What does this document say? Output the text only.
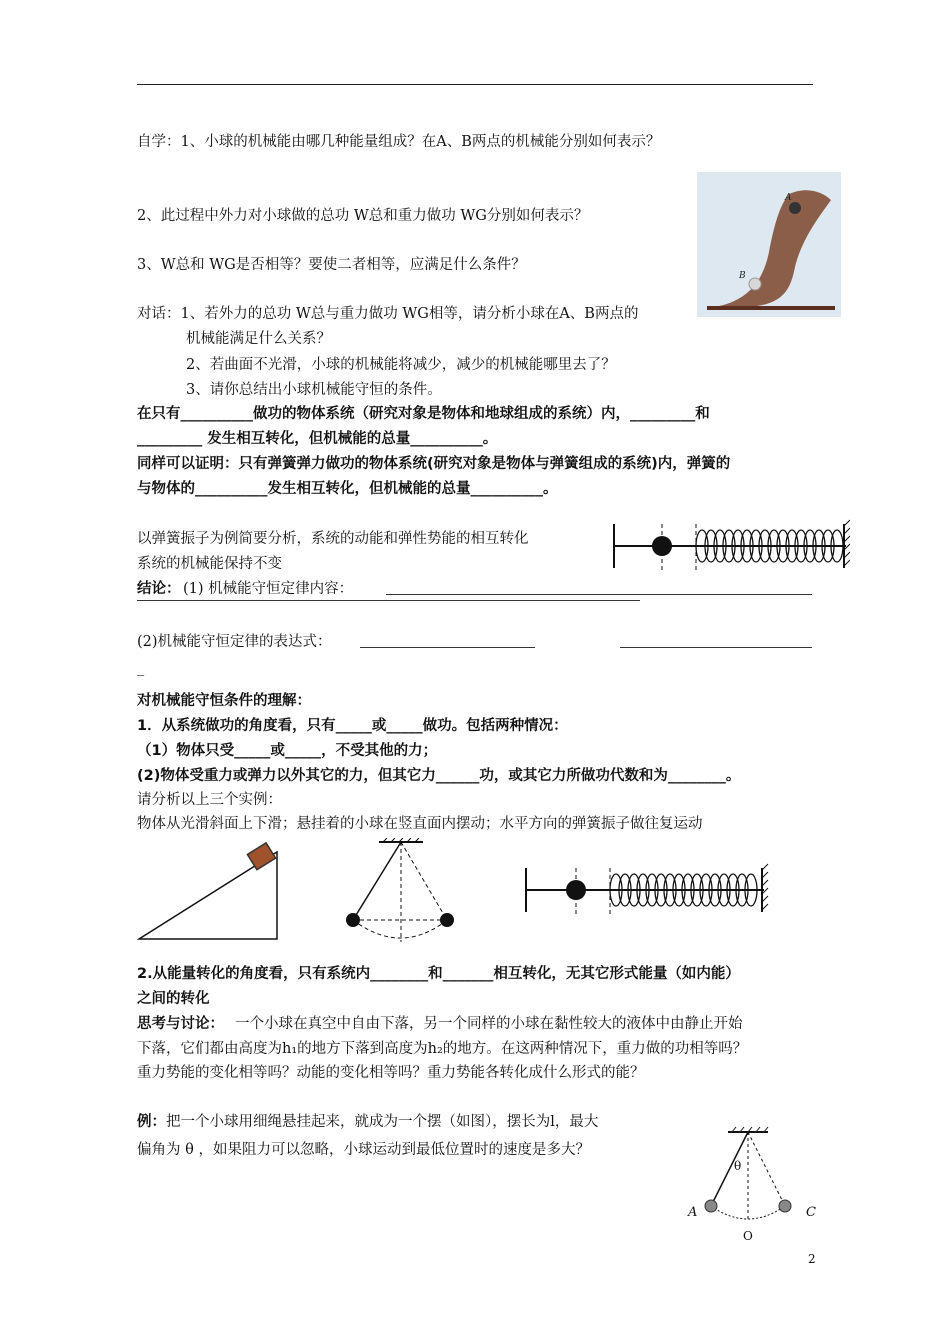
自学：1、小球的机械能由哪几种能量组成？在A、B两点的机械能分别如何表示？
2、此过程中外力对小球做的总功 W总和重力做功 WG分别如何表示？
3、W总和 WG是否相等？要使二者相等，应满足什么条件？
A
B
对话：1、若外力的总功 W总与重力做功 WG相等，请分析小球在A、B两点的
机械能满足什么关系？
2、若曲面不光滑，小球的机械能将减少，减少的机械能哪里去了？
3、请你总结出小球机械能守恒的条件。
在只有__________做功的物体系统（研究对象是物体和地球组成的系统）内，_________和
_________ 发生相互转化，但机械能的总量__________。
同样可以证明：只有弹簧弹力做功的物体系统(研究对象是物体与弹簧组成的系统)内，弹簧的
与物体的__________发生相互转化，但机械能的总量__________。
以弹簧振子为例简要分析，系统的动能和弹性势能的相互转化
系统的机械能保持不变
结论： (1) 机械能守恒定律内容：
(2)机械能守恒定律的表达式：
_
对机械能守恒条件的理解：
1．从系统做功的角度看，只有_____或_____做功。包括两种情况：
（1）物体只受_____或_____，不受其他的力；
(2)物体受重力或弹力以外其它的力，但其它力______功，或其它力所做功代数和为________。
请分析以上三个实例：
物体从光滑斜面上下滑；悬挂着的小球在竖直面内摆动；水平方向的弹簧振子做往复运动
2.从能量转化的角度看，只有系统内________和_______相互转化，无其它形式能量（如内能）
之间的转化
思考与讨论： 一个小球在真空中自由下落，另一个同样的小球在黏性较大的液体中由静止开始
下落，它们都由高度为h₁的地方下落到高度为h₂的地方。在这两种情况下，重力做的功相等吗？
重力势能的变化相等吗？动能的变化相等吗？重力势能各转化成什么形式的能？
例： 把一个小球用细绳悬挂起来，就成为一个摆（如图），摆长为l，最大
偏角为 θ ，如果阻力可以忽略，小球运动到最低位置时的速度是多大？
θ
A	C
O
2
